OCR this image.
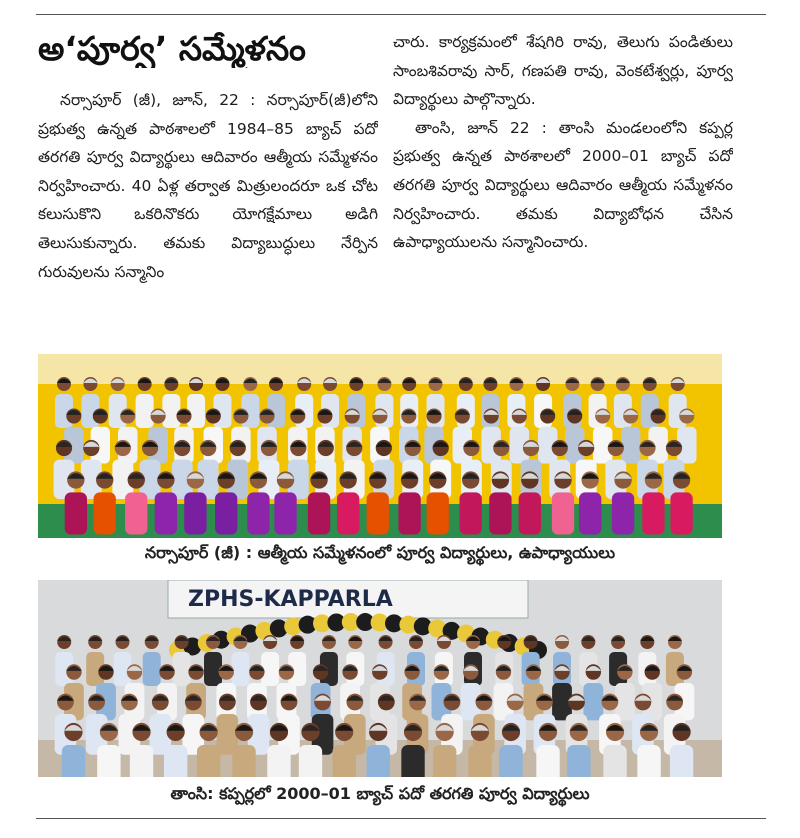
అ‘పూర్వ’ సమ్మేళనం

నర్సాపూర్ (జీ), జూన్, 22 : నర్సాపూర్(జీ)లోని ప్రభుత్వ ఉన్నత పాఠశాలలో 1984–85 బ్యాచ్ పదో తరగతి పూర్వ విద్యార్థులు ఆదివారం ఆత్మీయ సమ్మేళనం నిర్వహించారు. 40 ఏళ్ల తర్వాత మిత్రులందరూ ఒక చోట కలుసుకొని ఒకరినొకరు యోగక్షేమాలు అడిగి తెలుసుకున్నారు. తమకు విద్యాబుద్ధులు నేర్పిన గురువులను సన్మానిం

చారు. కార్యక్రమంలో శేషగిరి రావు, తెలుగు పండితులు సాంబశివరావు సార్, గణపతి రావు, వెంకటేశ్వర్లు, పూర్వ విద్యార్థులు పాల్గొన్నారు.

తాంసి, జూన్ 22 : తాంసి మండలంలోని కప్పర్ల ప్రభుత్వ ఉన్నత పాఠశాలలో 2000–01 బ్యాచ్ పదో తరగతి పూర్వ విద్యార్థులు ఆదివారం ఆత్మీయ సమ్మేళనం నిర్వహించారు. తమకు విద్యాబోధన చేసిన ఉపాధ్యాయులను సన్మానించారు.

నర్సాపూర్ (జీ) : ఆత్మీయ సమ్మేళనంలో పూర్వ విద్యార్థులు, ఉపాధ్యాయులు
ZPHS-KAPPARLA
తాంసి: కప్పర్లలో 2000–01 బ్యాచ్ పదో తరగతి పూర్వ విద్యార్థులు
